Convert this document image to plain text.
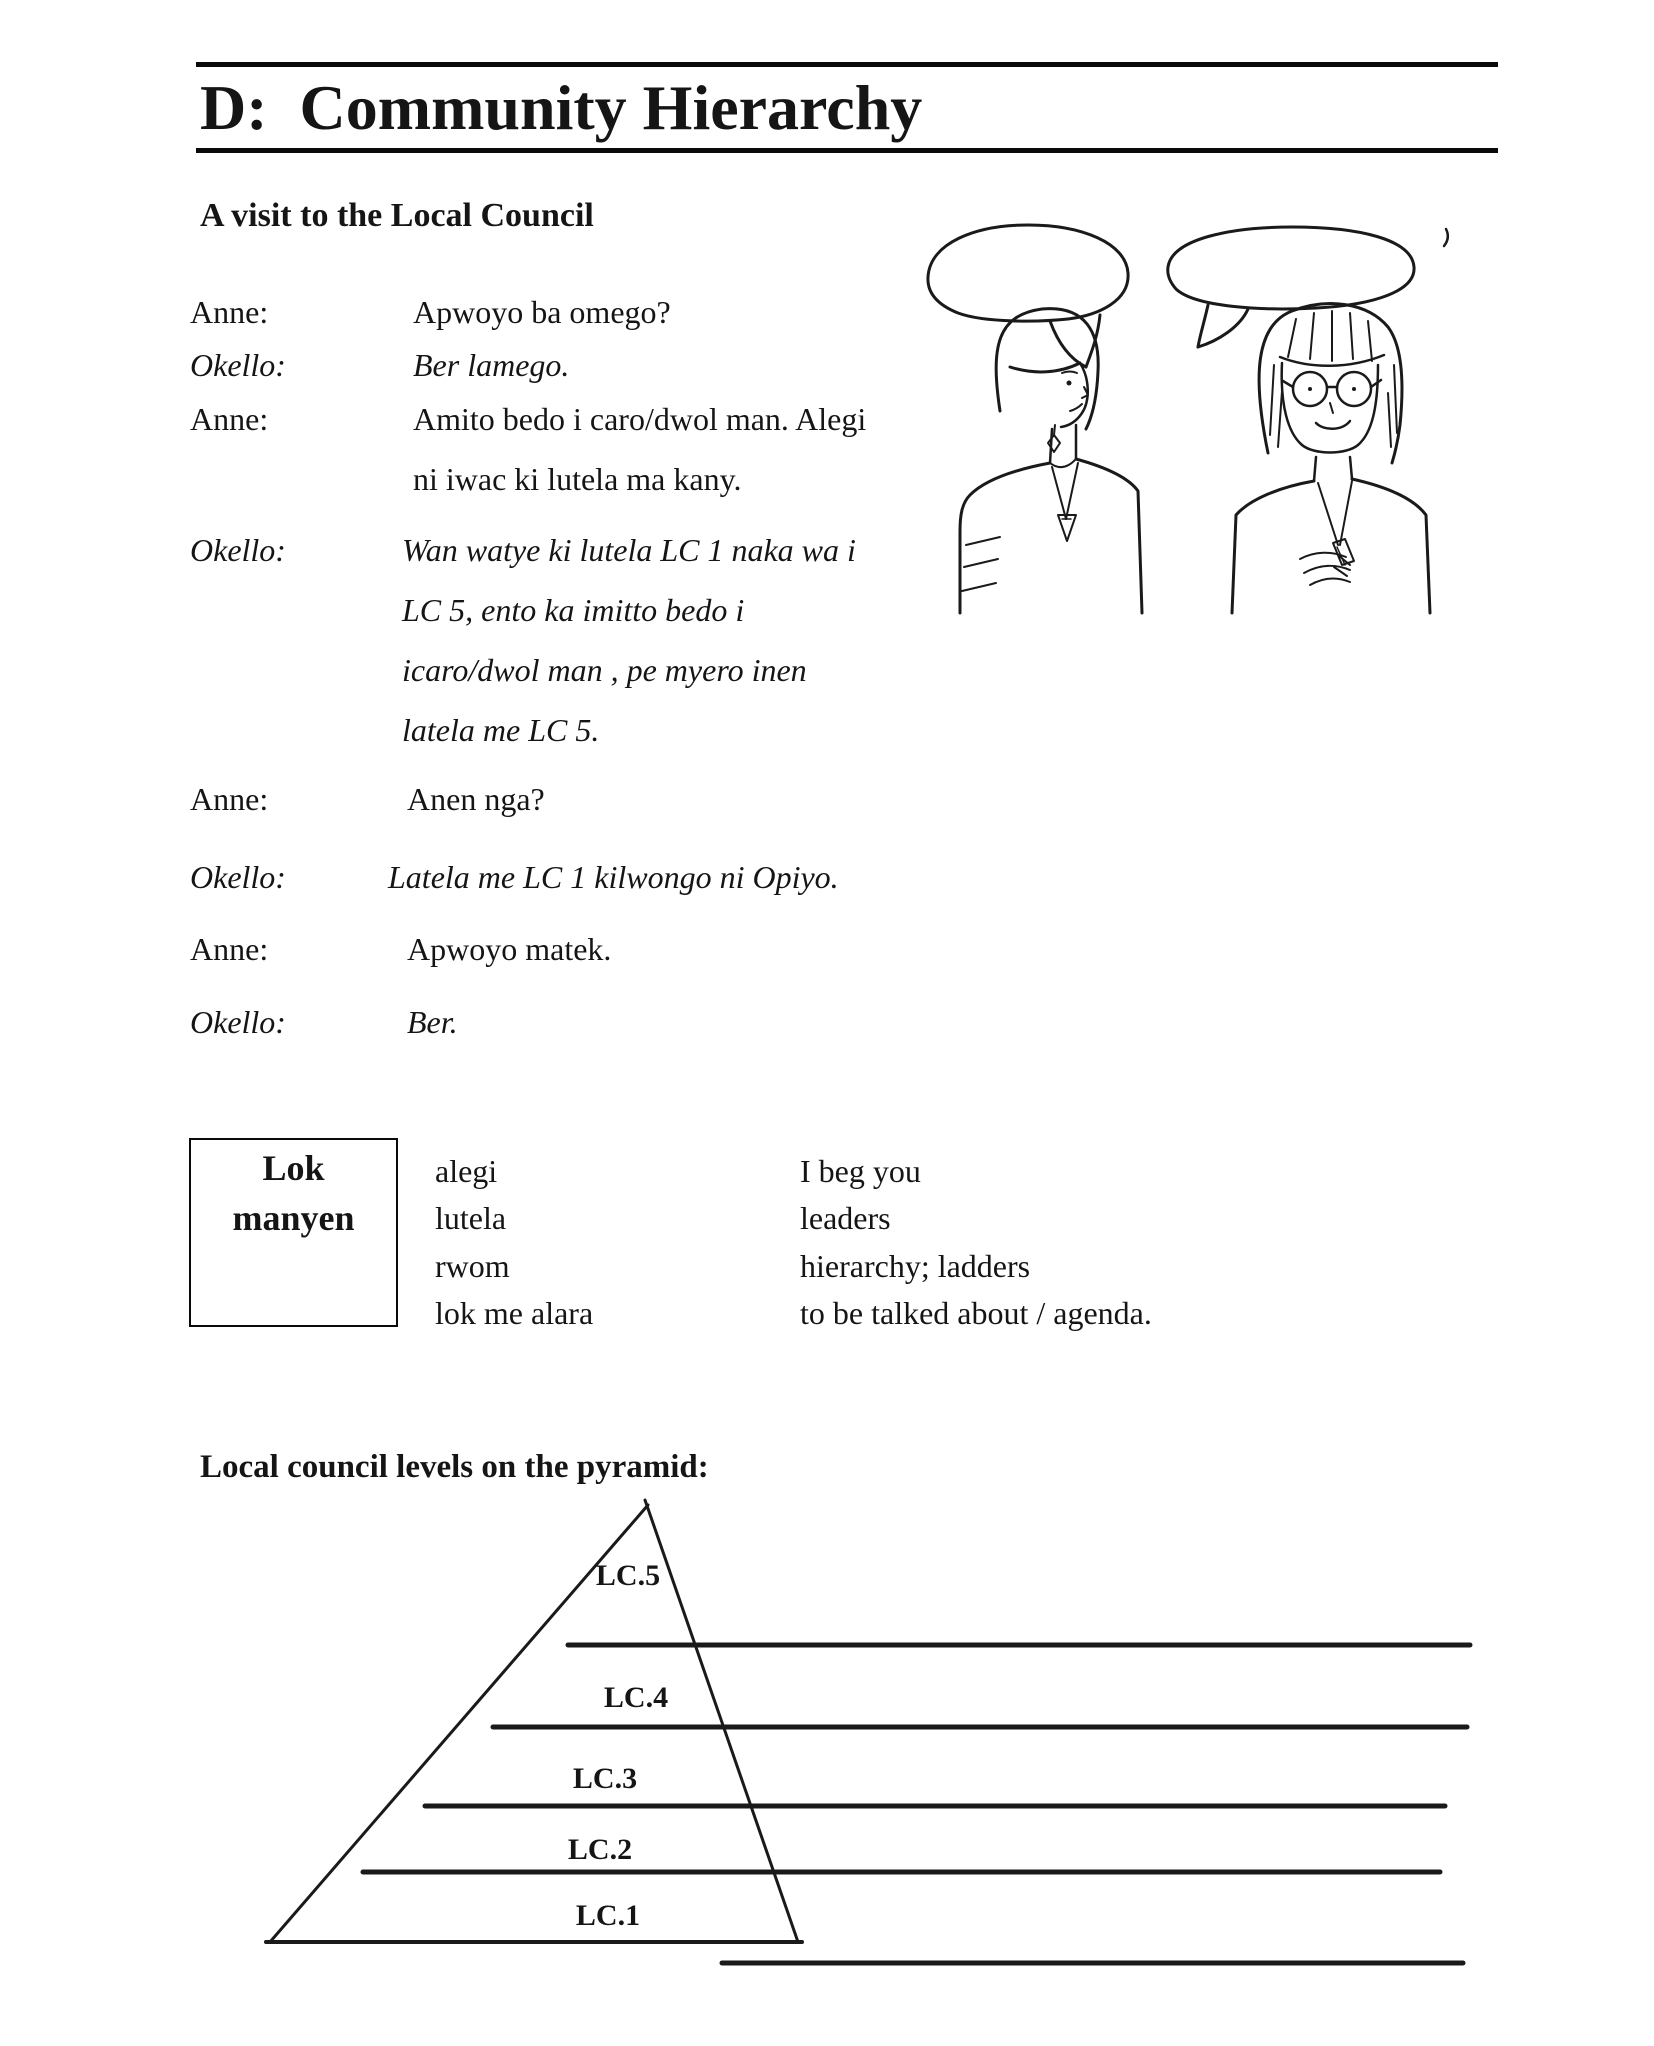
D:  Community Hierarchy
A visit to the Local Council
Anne:	Apwoyo ba omego?
Okello:	Ber lamego.
Anne:	Amito bedo i caro/dwol man. Alegi
ni iwac ki lutela ma kany.
Okello:	Wan watye ki lutela LC 1 naka wa i
LC 5, ento ka imitto bedo i
icaro/dwol man , pe myero inen
latela me LC 5.
Anne:	Anen nga?
Okello:	Latela me LC 1 kilwongo ni Opiyo.
Anne:	Apwoyo matek.
Okello:	Ber.
Lok
manyen
alegi	I beg you
lutela	leaders
rwom	hierarchy; ladders
lok me alara	to be talked about / agenda.
Local council levels on the pyramid:
LC.5
LC.4
LC.3
LC.2
LC.1
